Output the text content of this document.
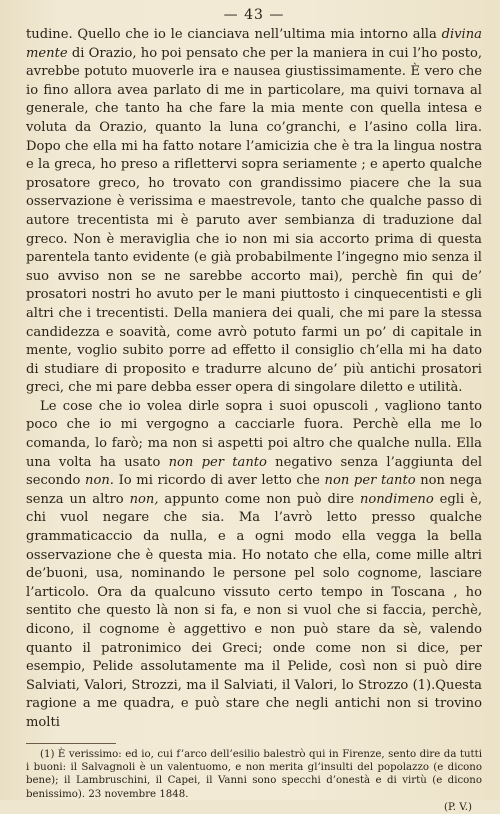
— 43 —

tudine. Quello che io le cianciava nell’ultima mia intorno alla divina mente di Orazio, ho poi pensato che per la maniera in cui l’ho posto, avrebbe potuto muoverle ira e nausea giustissimamente. È vero che io fino allora avea parlato di me in particolare, ma quivi tornava al generale, che tanto ha che fare la mia mente con quella intesa e voluta da Orazio, quanto la luna co’granchi, e l’asino colla lira. Dopo che ella mi ha fatto notare l’amicizia che è tra la lingua nostra e la greca, ho preso a riflettervi sopra seriamente ; e aperto qualche prosatore greco, ho trovato con grandissimo piacere che la sua osservazione è verissima e maestrevole, tanto che qualche passo di autore trecentista mi è paruto aver sembianza di traduzione dal greco. Non è meraviglia che io non mi sia accorto prima di questa parentela tanto evidente (e già probabilmente l’ingegno mio senza il suo avviso non se ne sarebbe accorto mai), perchè fin qui de’ prosatori nostri ho avuto per le mani piuttosto i cinquecentisti e gli altri che i trecentisti. Della maniera dei quali, che mi pare la stessa candidezza e soavità, come avrò potuto farmi un po’ di capitale in mente, voglio subito porre ad effetto il consiglio ch’ella mi ha dato di studiare di proposito e tradurre alcuno de’ più antichi prosatori greci, che mi pare debba esser opera di singolare diletto e utilità.

Le cose che io volea dirle sopra i suoi opuscoli , vagliono tanto poco che io mi vergogno a cacciarle fuora. Perchè ella me lo comanda, lo farò; ma non si aspetti poi altro che qualche nulla. Ella una volta ha usato non per tanto negativo senza l’aggiunta del secondo non. Io mi ricordo di aver letto che non per tanto non nega senza un altro non, appunto come non può dire nondimeno egli è, chi vuol negare che sia. Ma l’avrò letto presso qualche grammaticaccio da nulla, e a ogni modo ella vegga la bella osservazione che è questa mia. Ho notato che ella, come mille altri de’buoni, usa, nominando le persone pel solo cognome, lasciare l’articolo. Ora da qualcuno vissuto certo tempo in Toscana , ho sentito che questo là non si fa, e non si vuol che si faccia, perchè, dicono, il cognome è aggettivo e non può stare da sè, valendo quanto il patronimico dei Greci; onde come non si dice, per esempio, Pelide assolutamente ma il Pelide, così non si può dire Salviati, Valori, Strozzi, ma il Salviati, il Valori, lo Strozzo (1).Questa ragione a me quadra, e può stare che negli antichi non si trovino molti

(1) È verissimo: ed io, cui f’arco dell’esilio balestrò qui in Firenze, sento dire da tutti i buoni: il Salvagnoli è un valentuomo, e non merita gl’insulti del popolazzo (e dicono bene); il Lambruschini, il Capei, il Vanni sono specchi d’onestà e di virtù (e dicono benissimo). 23 novembre 1848.

(P. V.)
